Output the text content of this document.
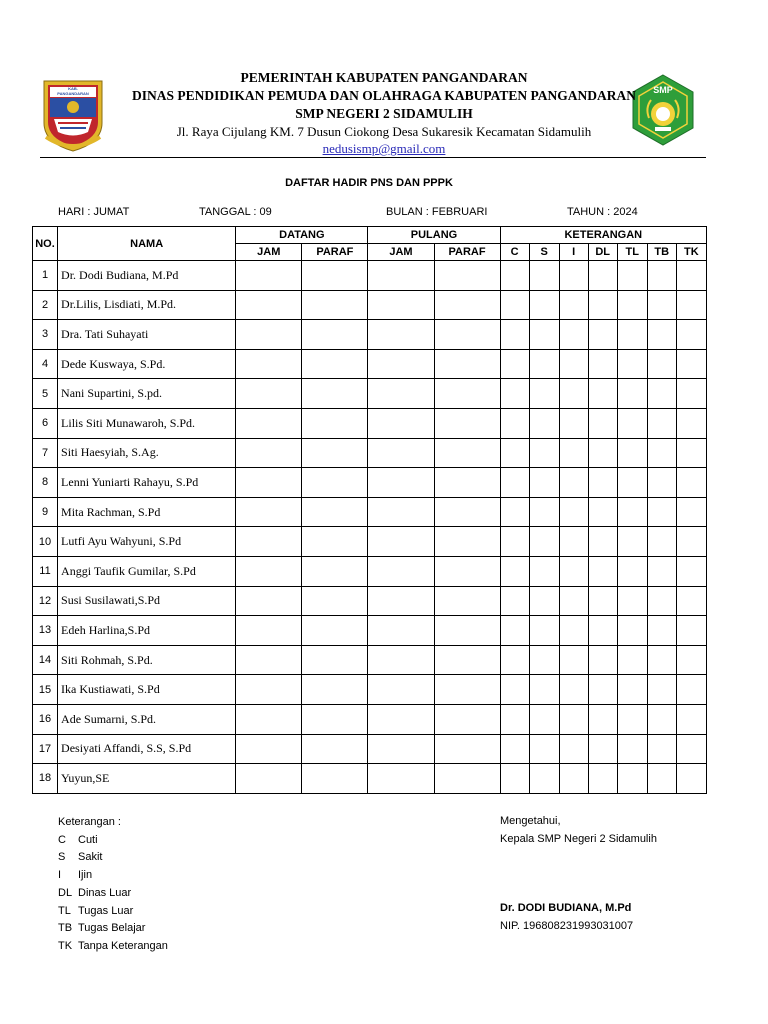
KAB. PANGANDARAN	SMP
PEMERINTAH KABUPATEN PANGANDARAN
DINAS PENDIDIKAN PEMUDA DAN OLAHRAGA KABUPATEN PANGANDARAN
SMP NEGERI 2 SIDAMULIH
Jl. Raya Cijulang KM. 7 Dusun Ciokong Desa Sukaresik Kecamatan Sidamulih
nedusismp@gmail.com
DAFTAR HADIR PNS DAN PPPK
HARI : JUMAT	TANGGAL : 09	BULAN : FEBRUARI	TAHUN : 2024
NO.	NAMA	DATANG		PULANG		KETERANGAN						
		JAM	PARAF	JAM	PARAF	C	S	I	DL	TL	TB	TK
1	Dr. Dodi Budiana, M.Pd											
2	Dr.Lilis, Lisdiati, M.Pd.											
3	Dra. Tati Suhayati											
4	Dede Kuswaya, S.Pd.											
5	Nani Supartini, S.pd.											
6	Lilis Siti Munawaroh, S.Pd.											
7	Siti Haesyiah, S.Ag.											
8	Lenni Yuniarti Rahayu, S.Pd											
9	Mita Rachman, S.Pd											
10	Lutfi Ayu Wahyuni, S.Pd											
11	Anggi Taufik Gumilar, S.Pd											
12	Susi Susilawati,S.Pd											
13	Edeh Harlina,S.Pd											
14	Siti Rohmah, S.Pd.											
15	Ika Kustiawati, S.Pd											
16	Ade Sumarni, S.Pd.											
17	Desiyati Affandi, S.S, S.Pd											
18	Yuyun,SE											
Keterangan :
C Cuti
S Sakit
I Ijin
DL Dinas Luar
TL Tugas Luar
TB Tugas Belajar
TK Tanpa Keterangan
Mengetahui,
Kepala SMP Negeri 2 Sidamulih
Dr. DODI BUDIANA, M.Pd
NIP. 196808231993031007
